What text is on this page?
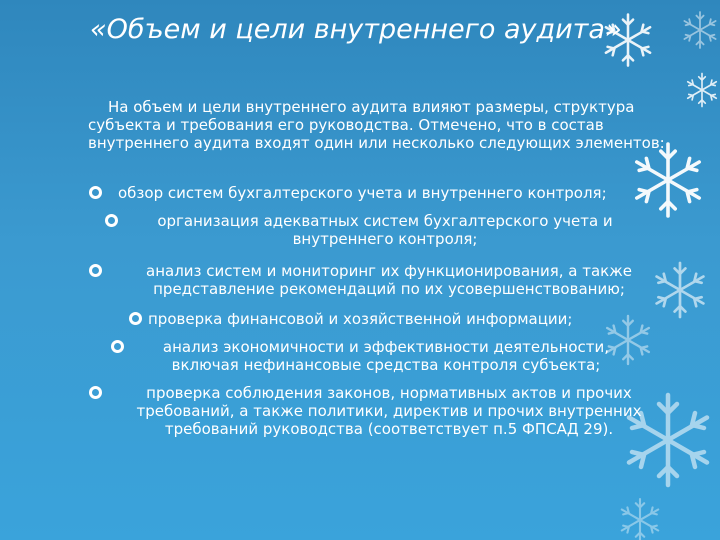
«Объем и цели внутреннего аудита»
На объем и цели внутреннего аудита влияют размеры, структура субъекта и требования его руководства. Отмечено, что в состав внутреннего аудита входят один или несколько следующих элементов:
обзор систем бухгалтерского учета и внутреннего контроля;
организация адекватных систем бухгалтерского учета и внутреннего контроля;
анализ систем и мониторинг их функционирования, а также представление рекомендаций по их усовершенствованию;
проверка финансовой и хозяйственной информации;
анализ экономичности и эффективности деятельности, включая нефинансовые средства контроля субъекта;
проверка соблюдения законов, нормативных актов и прочих требований, а также политики, директив и прочих внутренних требований руководства (соответствует п.5 ФПСАД 29).
